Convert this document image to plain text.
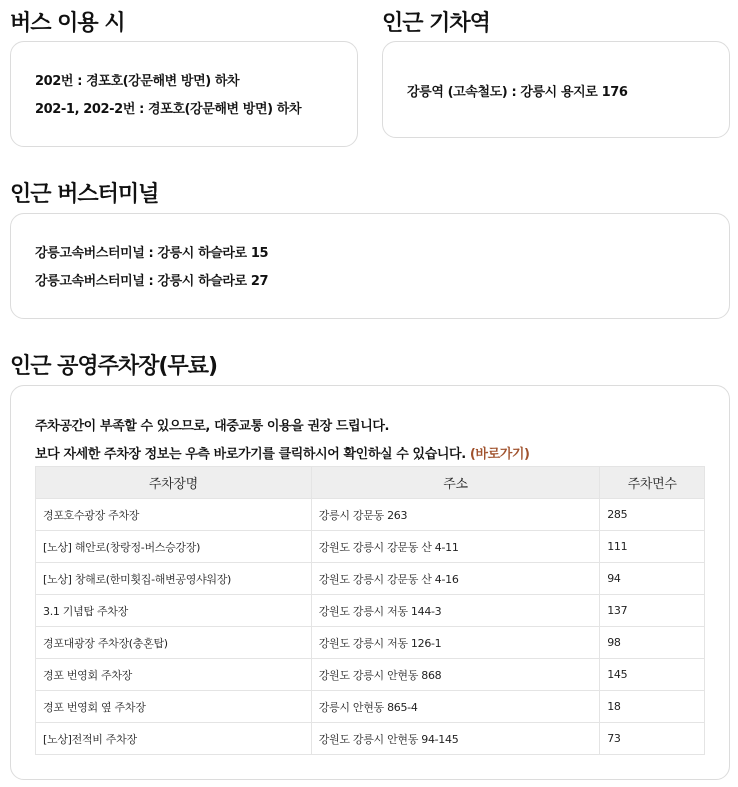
버스 이용 시
202번 : 경포호(강문해변 방면) 하차
202-1, 202-2번 : 경포호(강문해변 방면) 하차
인근 기차역
강릉역 (고속철도) : 강릉시 용지로 176
인근 버스터미널
강릉고속버스터미널 : 강릉시 하슬라로 15
강릉고속버스터미널 : 강릉시 하슬라로 27
인근 공영주차장(무료)
주차공간이 부족할 수 있으므로, 대중교통 이용을 권장 드립니다.
보다 자세한 주차장 정보는 우측 바로가기를 클릭하시어 확인하실 수 있습니다. (바로가기)
주차장명	주소	주차면수
경포호수광장 주차장	강릉시 강문동 263	285
[노상] 해안로(창랑정-버스승강장)	강원도 강릉시 강문동 산 4-11	111
[노상] 창해로(한미횟집-해변공영샤워장)	강원도 강릉시 강문동 산 4-16	94
3.1 기념탑 주차장	강원도 강릉시 저동 144-3	137
경포대광장 주차장(충혼탑)	강원도 강릉시 저동 126-1	98
경포 번영회 주차장	강원도 강릉시 안현동 868	145
경포 번영회 옆 주차장	강릉시 안현동 865-4	18
[노상]전적비 주차장	강원도 강릉시 안현동 94-145	73
